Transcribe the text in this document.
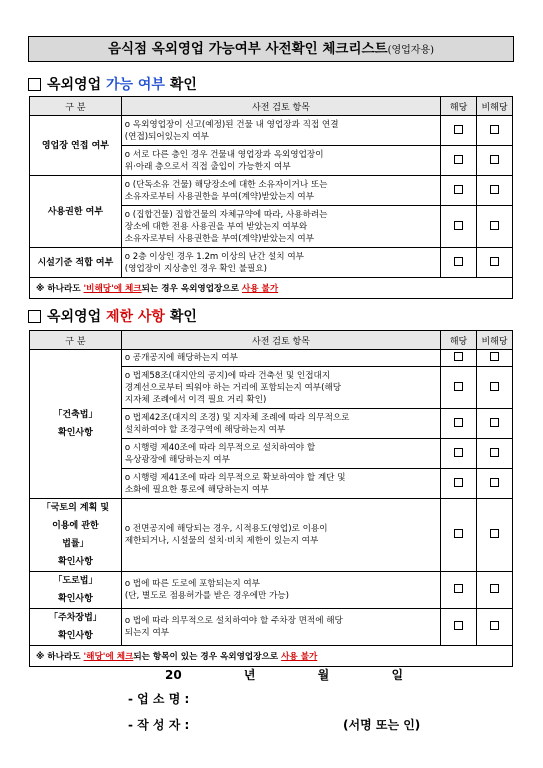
음식점 옥외영업 가능여부 사전확인 체크리스트(영업자용)
옥외영업 가능 여부 확인
구 분	사전 검토 항목	해당	비해당
영업장 연접 여부	o 옥외영업장이 신고(예정)된 건물 내 영업장과 직접 연결
(연접)되어있는지 여부		
	o 서로 다른 층인 경우 건물내 영업장과 옥외영업장이
위·아래 층으로서 직접 출입이 가능한지 여부		
사용권한 여부	o (단독소유 건물) 해당장소에 대한 소유자이거나 또는
소유자로부터 사용권한을 부여(계약)받았는지 여부		
	o (집합건물) 집합건물의 자체규약에 따라, 사용하려는
장소에 대한 전용 사용권을 부여 받았는지 여부와
소유자로부터 사용권한을 부여(계약)받았는지 여부		
시설기준 적합 여부	o 2층 이상인 경우 1.2m 이상의 난간 설치 여부
(영업장이 지상층인 경우 확인 불필요)		
※ 하나라도 '비해당'에 체크되는 경우 옥외영업장으로 사용 불가			
옥외영업 제한 사항 확인
구 분	사전 검토 항목	해당	비해당
「건축법」
확인사항	o 공개공지에 해당하는지 여부		
	o 법제58조(대지안의 공지)에 따라 건축선 및 인접대지
경계선으로부터 띄워야 하는 거리에 포함되는지 여부(해당
지자체 조례에서 이격 필요 거리 확인)		
	o 법제42조(대지의 조경) 및 지자체 조례에 따라 의무적으로
설치하여야 할 조경구역에 해당하는지 여부		
	o 시행령 제40조에 따라 의무적으로 설치하여야 할
옥상광장에 해당하는지 여부		
	o 시행령 제41조에 따라 의무적으로 확보하여야 할 계단 및
소화에 필요한 통로에 해당하는지 여부		
「국토의 계획 및
이용에 관한
법률」
확인사항	o 전면공지에 해당되는 경우, 시적용도(영업)로 이용이
제한되거나, 시설물의 설치·비치 제한이 있는지 여부		
「도로법」
확인사항	o 법에 따른 도로에 포함되는지 여부
(단, 별도로 점용허가를 받은 경우에만 가능)		
「주차장법」
확인사항	o 법에 따라 의무적으로 설치하여야 할 주차장 면적에 해당
되는지 여부		
※ 하나라도 '해당'에 체크되는 항목이 있는 경우 옥외영업장으로 사용 불가			
20	년	월	일
- 업 소 명 :
- 작 성 자 :	(서명 또는 인)
